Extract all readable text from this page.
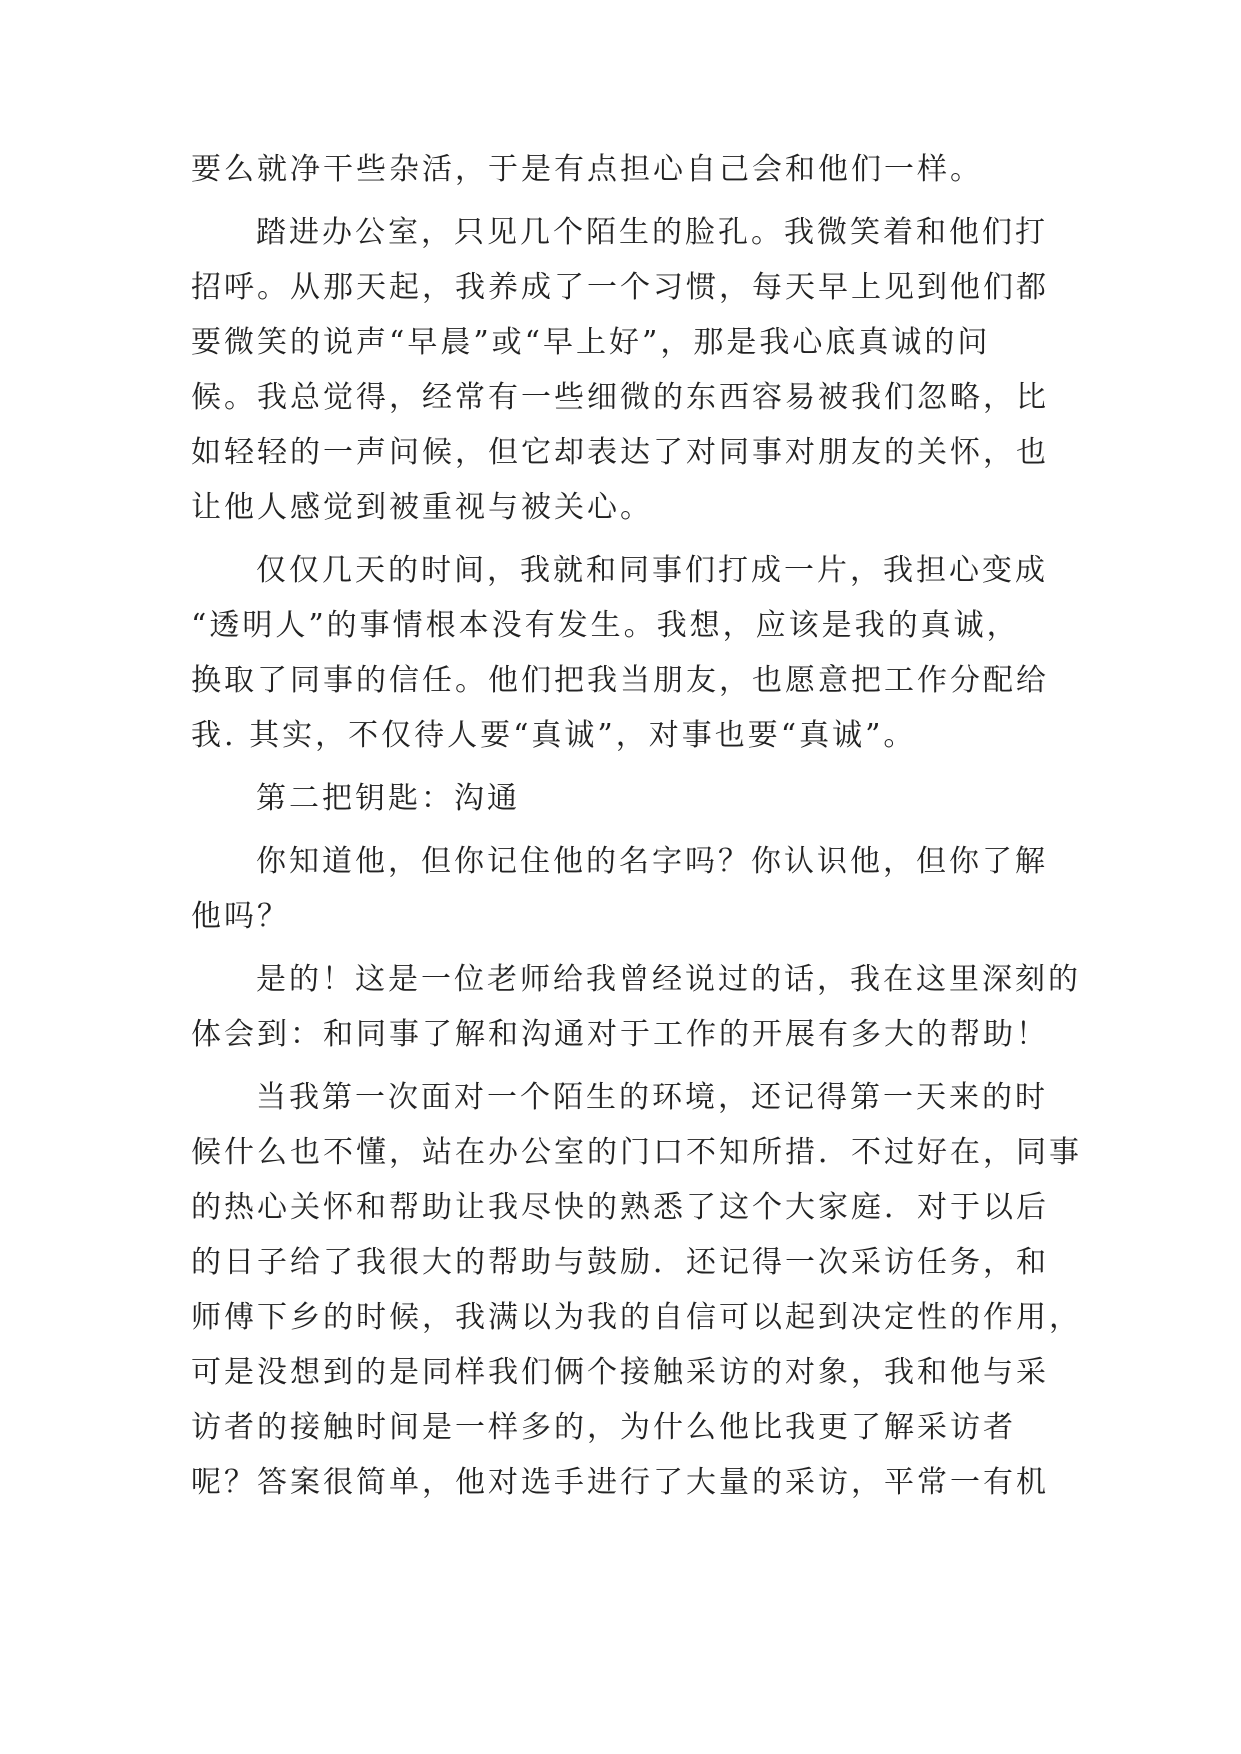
要么就净干些杂活，于是有点担心自己会和他们一样。
踏进办公室，只见几个陌生的脸孔。我微笑着和他们打
招呼。从那天起，我养成了一个习惯，每天早上见到他们都
要微笑的说声“早晨”或“早上好”，那是我心底真诚的问
候。我总觉得，经常有一些细微的东西容易被我们忽略，比
如轻轻的一声问候，但它却表达了对同事对朋友的关怀，也
让他人感觉到被重视与被关心。
仅仅几天的时间，我就和同事们打成一片，我担心变成
“透明人”的事情根本没有发生。我想，应该是我的真诚，
换取了同事的信任。他们把我当朋友，也愿意把工作分配给
我. 其实，不仅待人要“真诚”，对事也要“真诚”。
第二把钥匙：沟通
你知道他，但你记住他的名字吗？你认识他，但你了解
他吗？
是的！这是一位老师给我曾经说过的话，我在这里深刻的
体会到：和同事了解和沟通对于工作的开展有多大的帮助！
当我第一次面对一个陌生的环境，还记得第一天来的时
候什么也不懂，站在办公室的门口不知所措．不过好在，同事
的热心关怀和帮助让我尽快的熟悉了这个大家庭．对于以后
的日子给了我很大的帮助与鼓励．还记得一次采访任务，和
师傅下乡的时候，我满以为我的自信可以起到决定性的作用，
可是没想到的是同样我们俩个接触采访的对象，我和他与采
访者的接触时间是一样多的，为什么他比我更了解采访者
呢？答案很简单，他对选手进行了大量的采访，平常一有机
